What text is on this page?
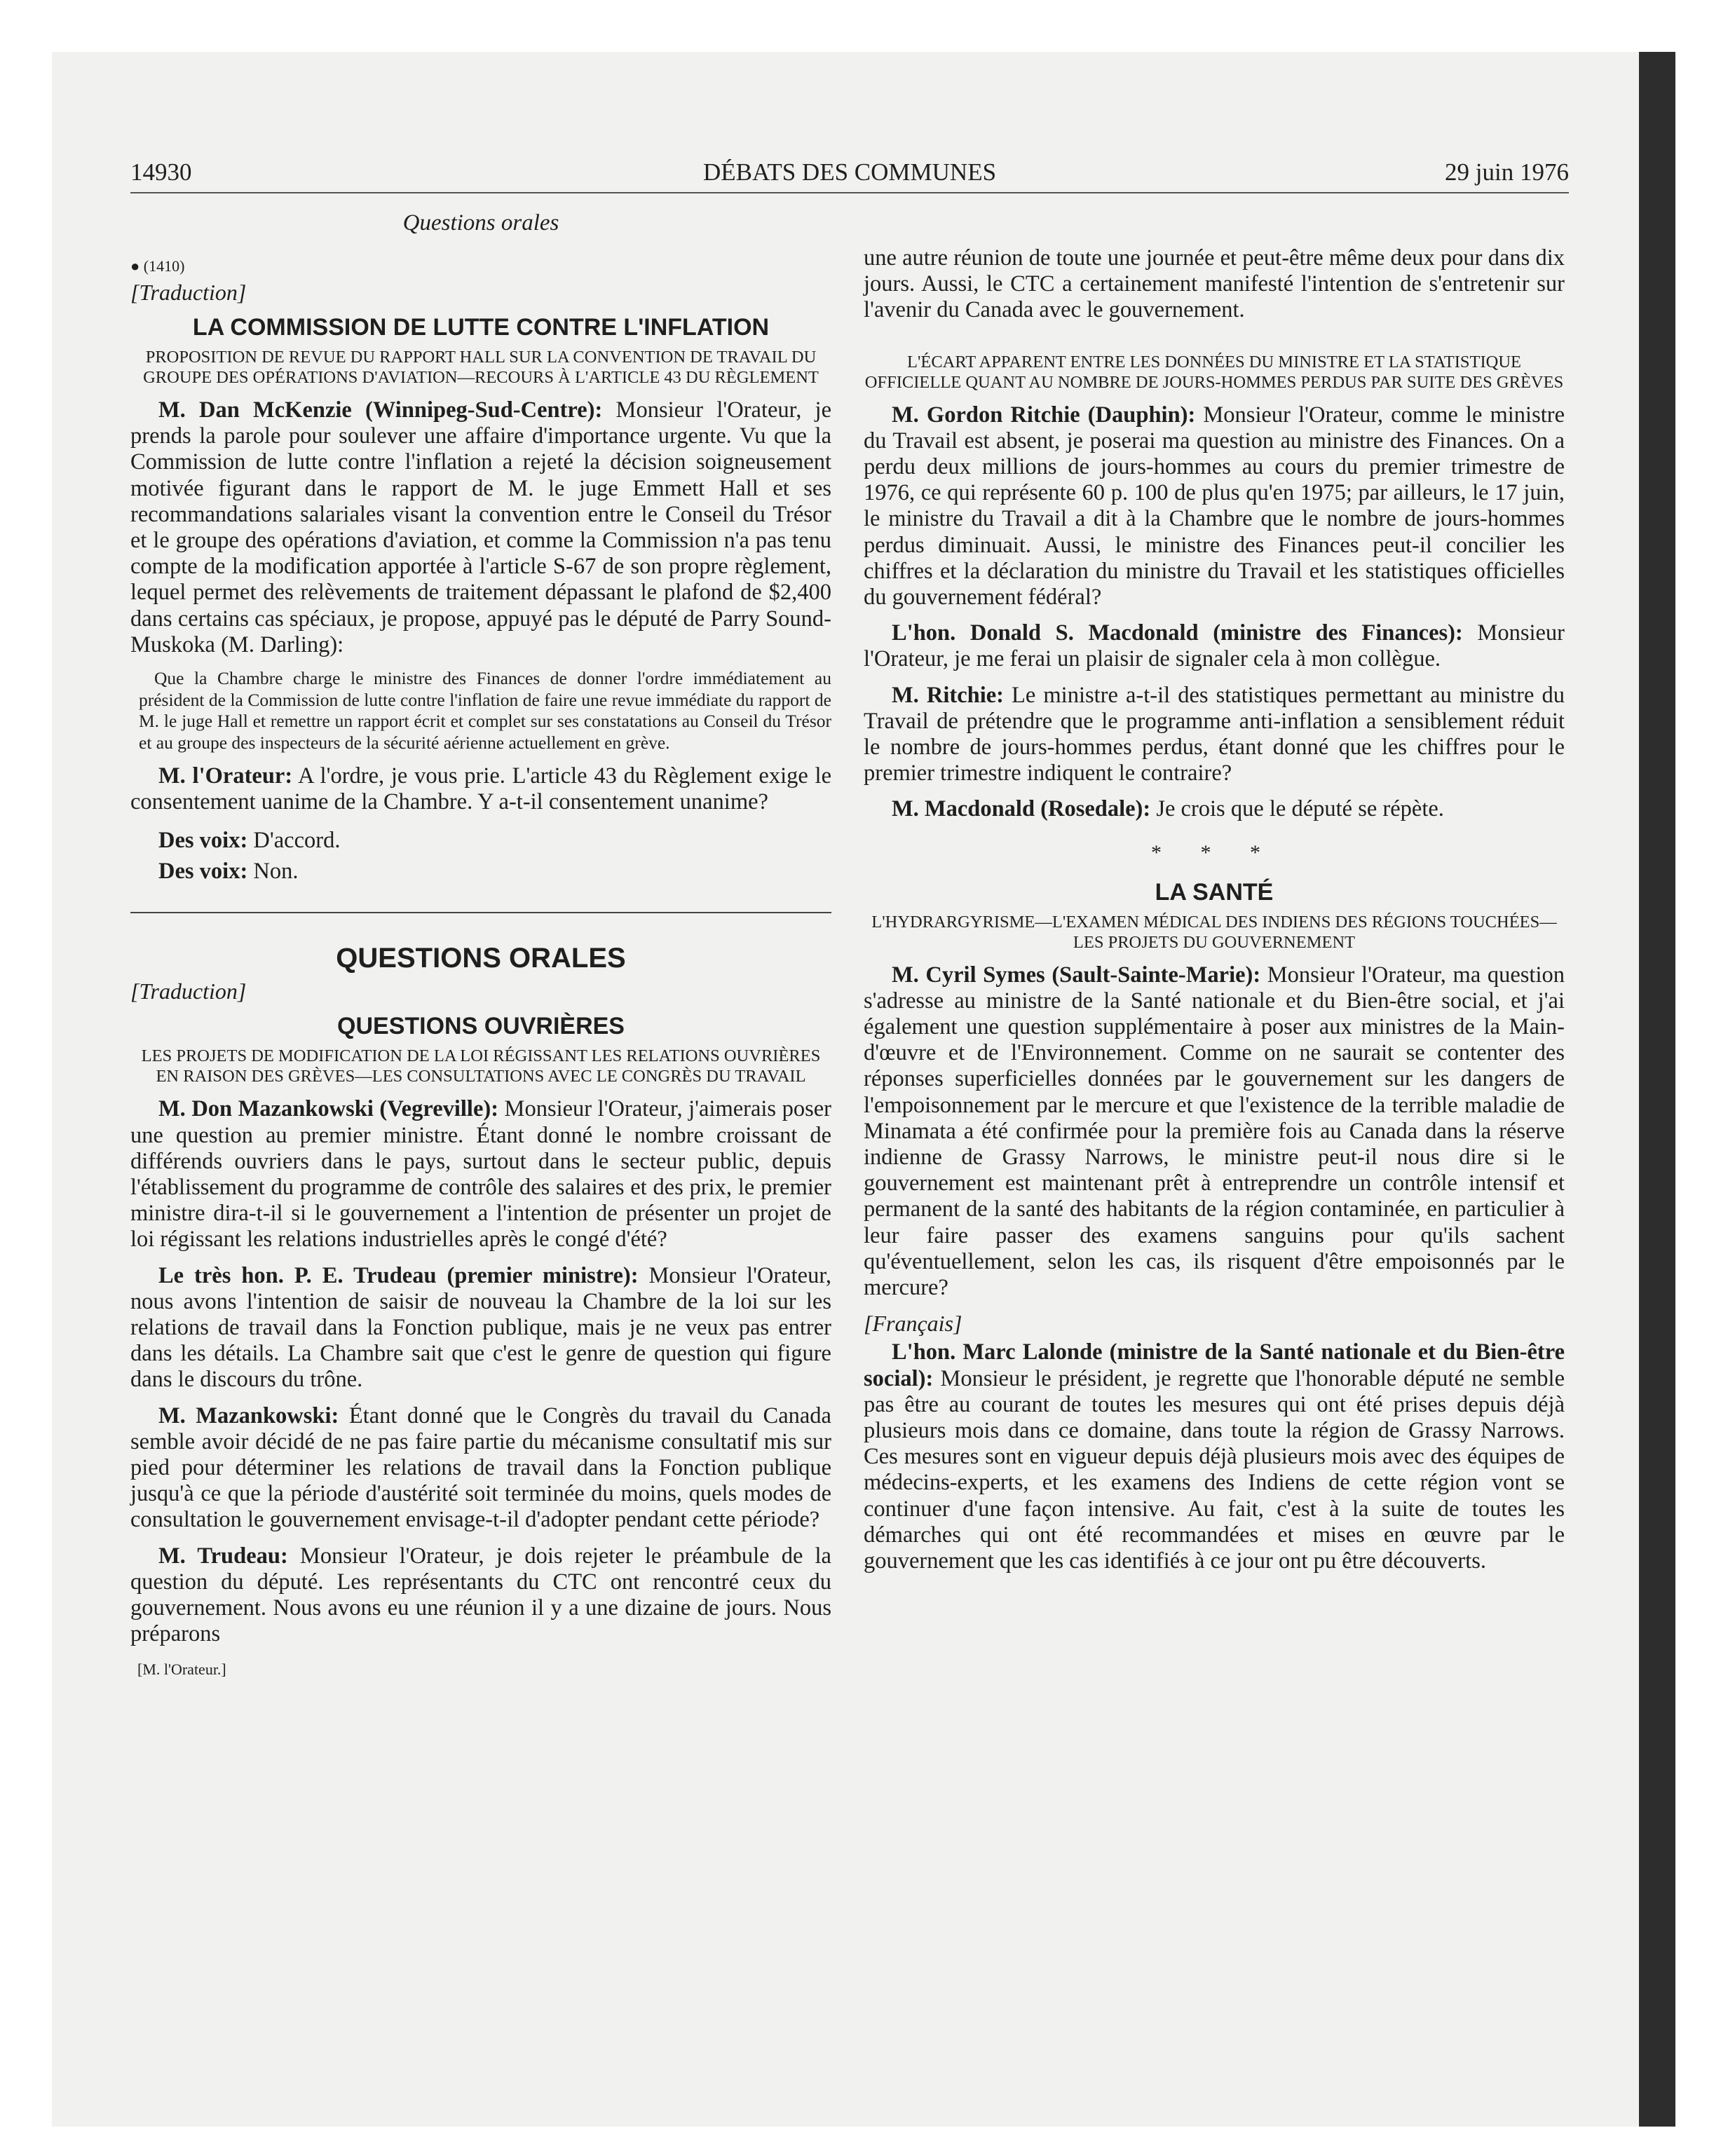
14930	DÉBATS DES COMMUNES	29 juin 1976
Questions orales
● (1410)
[Traduction]
LA COMMISSION DE LUTTE CONTRE L'INFLATION
PROPOSITION DE REVUE DU RAPPORT HALL SUR LA CONVENTION DE TRAVAIL DU GROUPE DES OPÉRATIONS D'AVIATION—RECOURS À L'ARTICLE 43 DU RÈGLEMENT

M. Dan McKenzie (Winnipeg-Sud-Centre): Monsieur l'Orateur, je prends la parole pour soulever une affaire d'importance urgente. Vu que la Commission de lutte contre l'inflation a rejeté la décision soigneusement motivée figurant dans le rapport de M. le juge Emmett Hall et ses recommandations salariales visant la convention entre le Conseil du Trésor et le groupe des opérations d'aviation, et comme la Commission n'a pas tenu compte de la modification apportée à l'article S-67 de son propre règlement, lequel permet des relèvements de traitement dépassant le plafond de $2,400 dans certains cas spéciaux, je propose, appuyé pas le député de Parry Sound-Muskoka (M. Darling):

Que la Chambre charge le ministre des Finances de donner l'ordre immédiatement au président de la Commission de lutte contre l'inflation de faire une revue immédiate du rapport de M. le juge Hall et remettre un rapport écrit et complet sur ses constatations au Conseil du Trésor et au groupe des inspecteurs de la sécurité aérienne actuellement en grève.

M. l'Orateur: A l'ordre, je vous prie. L'article 43 du Règlement exige le consentement uanime de la Chambre. Y a-t-il consentement unanime?

Des voix: D'accord.
Des voix: Non.
QUESTIONS ORALES
[Traduction]
QUESTIONS OUVRIÈRES
LES PROJETS DE MODIFICATION DE LA LOI RÉGISSANT LES RELATIONS OUVRIÈRES EN RAISON DES GRÈVES—LES CONSULTATIONS AVEC LE CONGRÈS DU TRAVAIL

M. Don Mazankowski (Vegreville): Monsieur l'Orateur, j'aimerais poser une question au premier ministre. Étant donné le nombre croissant de différends ouvriers dans le pays, surtout dans le secteur public, depuis l'établissement du programme de contrôle des salaires et des prix, le premier ministre dira-t-il si le gouvernement a l'intention de présenter un projet de loi régissant les relations industrielles après le congé d'été?

Le très hon. P. E. Trudeau (premier ministre): Monsieur l'Orateur, nous avons l'intention de saisir de nouveau la Chambre de la loi sur les relations de travail dans la Fonction publique, mais je ne veux pas entrer dans les détails. La Chambre sait que c'est le genre de question qui figure dans le discours du trône.

M. Mazankowski: Étant donné que le Congrès du travail du Canada semble avoir décidé de ne pas faire partie du mécanisme consultatif mis sur pied pour déterminer les relations de travail dans la Fonction publique jusqu'à ce que la période d'austérité soit terminée du moins, quels modes de consultation le gouvernement envisage-t-il d'adopter pendant cette période?

M. Trudeau: Monsieur l'Orateur, je dois rejeter le préambule de la question du député. Les représentants du CTC ont rencontré ceux du gouvernement. Nous avons eu une réunion il y a une dizaine de jours. Nous préparons

[M. l'Orateur.]

une autre réunion de toute une journée et peut-être même deux pour dans dix jours. Aussi, le CTC a certainement manifesté l'intention de s'entretenir sur l'avenir du Canada avec le gouvernement.

L'ÉCART APPARENT ENTRE LES DONNÉES DU MINISTRE ET LA STATISTIQUE OFFICIELLE QUANT AU NOMBRE DE JOURS-HOMMES PERDUS PAR SUITE DES GRÈVES

M. Gordon Ritchie (Dauphin): Monsieur l'Orateur, comme le ministre du Travail est absent, je poserai ma question au ministre des Finances. On a perdu deux millions de jours-hommes au cours du premier trimestre de 1976, ce qui représente 60 p. 100 de plus qu'en 1975; par ailleurs, le 17 juin, le ministre du Travail a dit à la Chambre que le nombre de jours-hommes perdus diminuait. Aussi, le ministre des Finances peut-il concilier les chiffres et la déclaration du ministre du Travail et les statistiques officielles du gouvernement fédéral?

L'hon. Donald S. Macdonald (ministre des Finances): Monsieur l'Orateur, je me ferai un plaisir de signaler cela à mon collègue.

M. Ritchie: Le ministre a-t-il des statistiques permettant au ministre du Travail de prétendre que le programme anti-inflation a sensiblement réduit le nombre de jours-hommes perdus, étant donné que les chiffres pour le premier trimestre indiquent le contraire?

M. Macdonald (Rosedale): Je crois que le député se répète.

* * *
LA SANTÉ
L'HYDRARGYRISME—L'EXAMEN MÉDICAL DES INDIENS DES RÉGIONS TOUCHÉES—LES PROJETS DU GOUVERNEMENT

M. Cyril Symes (Sault-Sainte-Marie): Monsieur l'Orateur, ma question s'adresse au ministre de la Santé nationale et du Bien-être social, et j'ai également une question supplémentaire à poser aux ministres de la Main-d'œuvre et de l'Environnement. Comme on ne saurait se contenter des réponses superficielles données par le gouvernement sur les dangers de l'empoisonnement par le mercure et que l'existence de la terrible maladie de Minamata a été confirmée pour la première fois au Canada dans la réserve indienne de Grassy Narrows, le ministre peut-il nous dire si le gouvernement est maintenant prêt à entreprendre un contrôle intensif et permanent de la santé des habitants de la région contaminée, en particulier à leur faire passer des examens sanguins pour qu'ils sachent qu'éventuellement, selon les cas, ils risquent d'être empoisonnés par le mercure?

[Français]

L'hon. Marc Lalonde (ministre de la Santé nationale et du Bien-être social): Monsieur le président, je regrette que l'honorable député ne semble pas être au courant de toutes les mesures qui ont été prises depuis déjà plusieurs mois dans ce domaine, dans toute la région de Grassy Narrows. Ces mesures sont en vigueur depuis déjà plusieurs mois avec des équipes de médecins-experts, et les examens des Indiens de cette région vont se continuer d'une façon intensive. Au fait, c'est à la suite de toutes les démarches qui ont été recommandées et mises en œuvre par le gouvernement que les cas identifiés à ce jour ont pu être découverts.
